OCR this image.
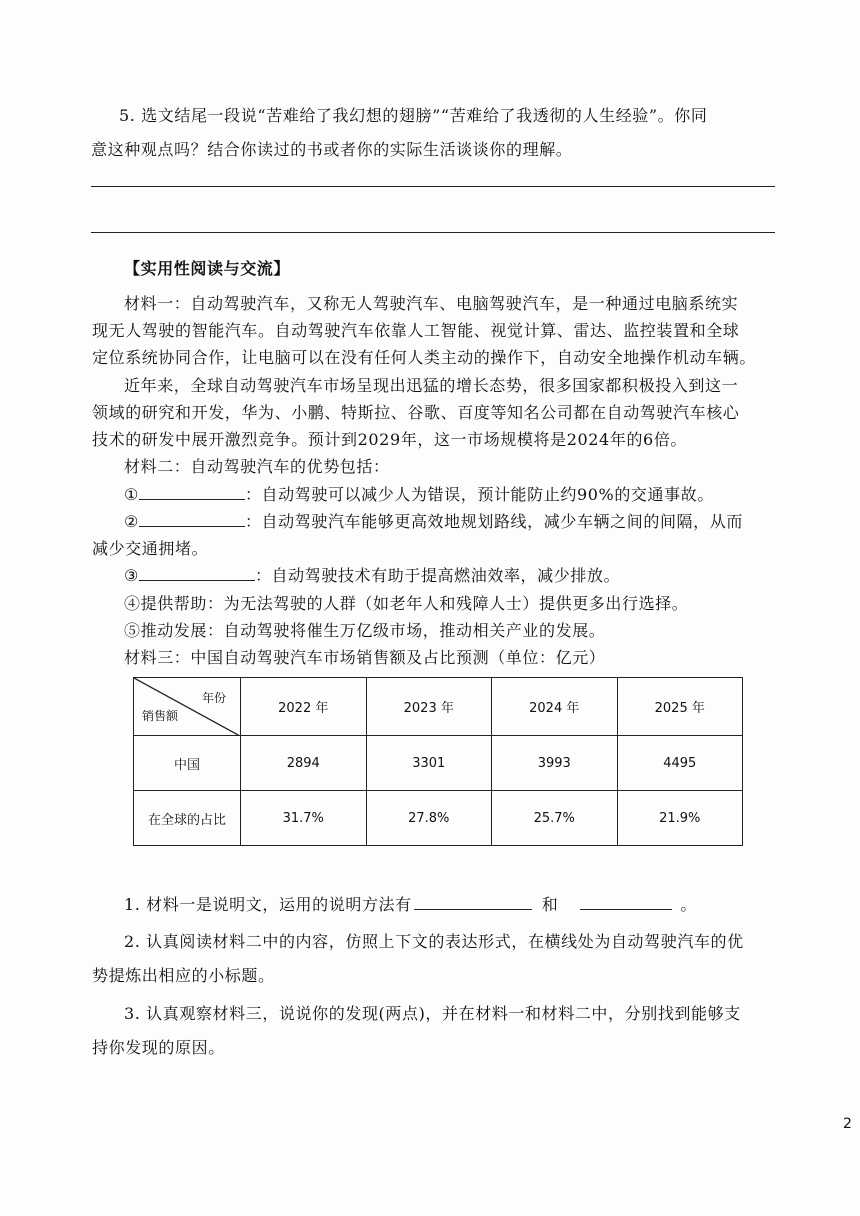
5. 选文结尾一段说“苦难给了我幻想的翅膀”“苦难给了我透彻的人生经验”。你同
意这种观点吗？结合你读过的书或者你的实际生活谈谈你的理解。
【实用性阅读与交流】
材料一：自动驾驶汽车，又称无人驾驶汽车、电脑驾驶汽车，是一种通过电脑系统实
现无人驾驶的智能汽车。自动驾驶汽车依靠人工智能、视觉计算、雷达、监控装置和全球
定位系统协同合作，让电脑可以在没有任何人类主动的操作下，自动安全地操作机动车辆。
近年来，全球自动驾驶汽车市场呈现出迅猛的增长态势，很多国家都积极投入到这一
领域的研究和开发，华为、小鹏、特斯拉、谷歌、百度等知名公司都在自动驾驶汽车核心
技术的研发中展开激烈竞争。预计到2029年，这一市场规模将是2024年的6倍。
材料二：自动驾驶汽车的优势包括：
①	：自动驾驶可以减少人为错误，预计能防止约90%的交通事故。
②	：自动驾驶汽车能够更高效地规划路线，减少车辆之间的间隔，从而
减少交通拥堵。
③	：自动驾驶技术有助于提高燃油效率，减少排放。
④提供帮助：为无法驾驶的人群（如老年人和残障人士）提供更多出行选择。
⑤推动发展：自动驾驶将催生万亿级市场，推动相关产业的发展。
材料三：中国自动驾驶汽车市场销售额及占比预测（单位：亿元）
年份
销售额	2022 年	2023 年	2024 年	2025 年
中国	2894	3301	3993	4495
在全球的占比	31.7%	27.8%	25.7%	21.9%
1. 材料一是说明文，运用的说明方法有	和	。
2. 认真阅读材料二中的内容，仿照上下文的表达形式，在横线处为自动驾驶汽车的优
势提炼出相应的小标题。
3. 认真观察材料三，说说你的发现(两点)，并在材料一和材料二中，分别找到能够支
持你发现的原因。
2
